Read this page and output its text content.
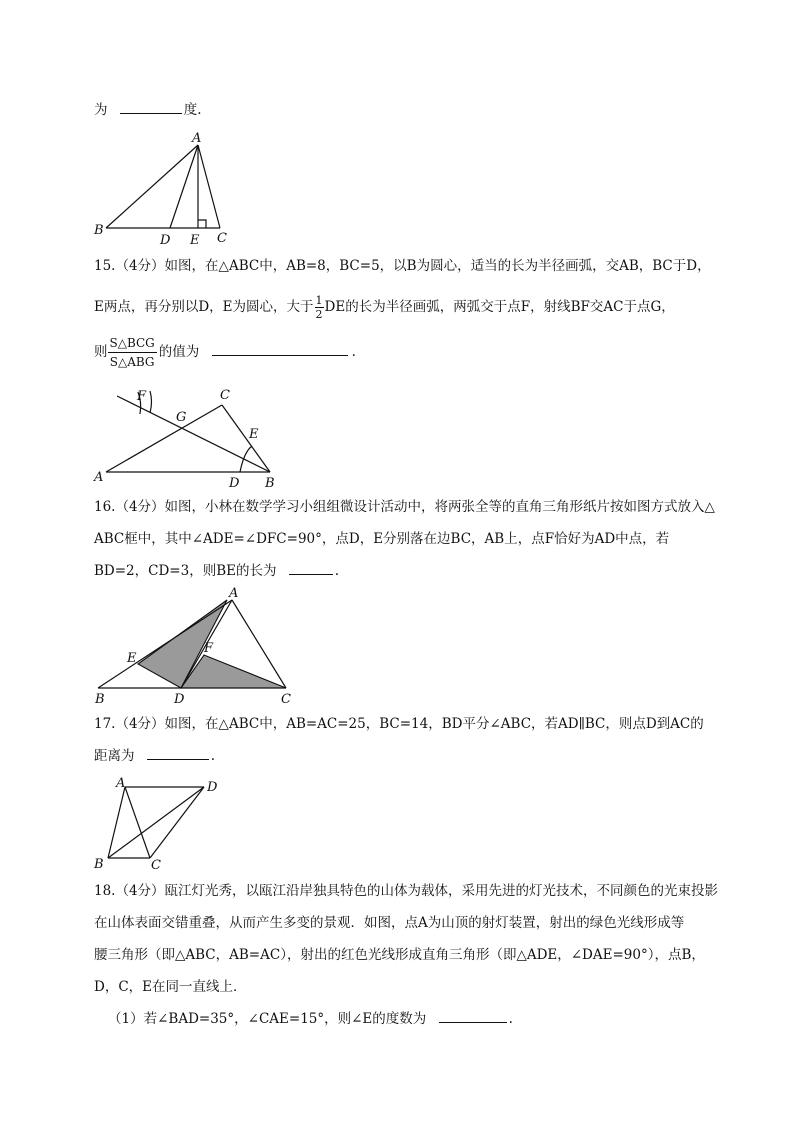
为	度.
A
B
D E C
15.（4分）如图，在△ABC中，AB=8，BC=5，以B为圆心，适当的长为半径画弧，交AB，BC于D，
E两点，再分别以D，E为圆心，大于 $\frac{1}{2}$ DE的长为半径画弧，两弧交于点F，射线BF交AC于点G，
则
S△BCG
S△ABG
的值为	.
F	C
G
E
A	D B
16.（4分）如图，小林在数学学习小组组微设计活动中，将两张全等的直角三角形纸片按如图方式放入△
ABC框中，其中∠ADE=∠DFC=90°，点D，E分别落在边BC，AB上，点F恰好为AD中点，若
BD=2，CD=3，则BE的长为	.
A
E
F
B	D	C
17.（4分）如图，在△ABC中，AB=AC=25，BC=14，BD平分∠ABC，若AD∥BC，则点D到AC的
距离为	.
A	D
B	C
18.（4分）瓯江灯光秀，以瓯江沿岸独具特色的山体为载体，采用先进的灯光技术，不同颜色的光束投影
在山体表面交错重叠，从而产生多变的景观．如图，点A为山顶的射灯装置，射出的绿色光线形成等
腰三角形（即△ABC，AB=AC），射出的红色光线形成直角三角形（即△ADE，∠DAE=90°），点B，
D，C，E在同一直线上．
（1）若∠BAD=35°，∠CAE=15°，则∠E的度数为	.
